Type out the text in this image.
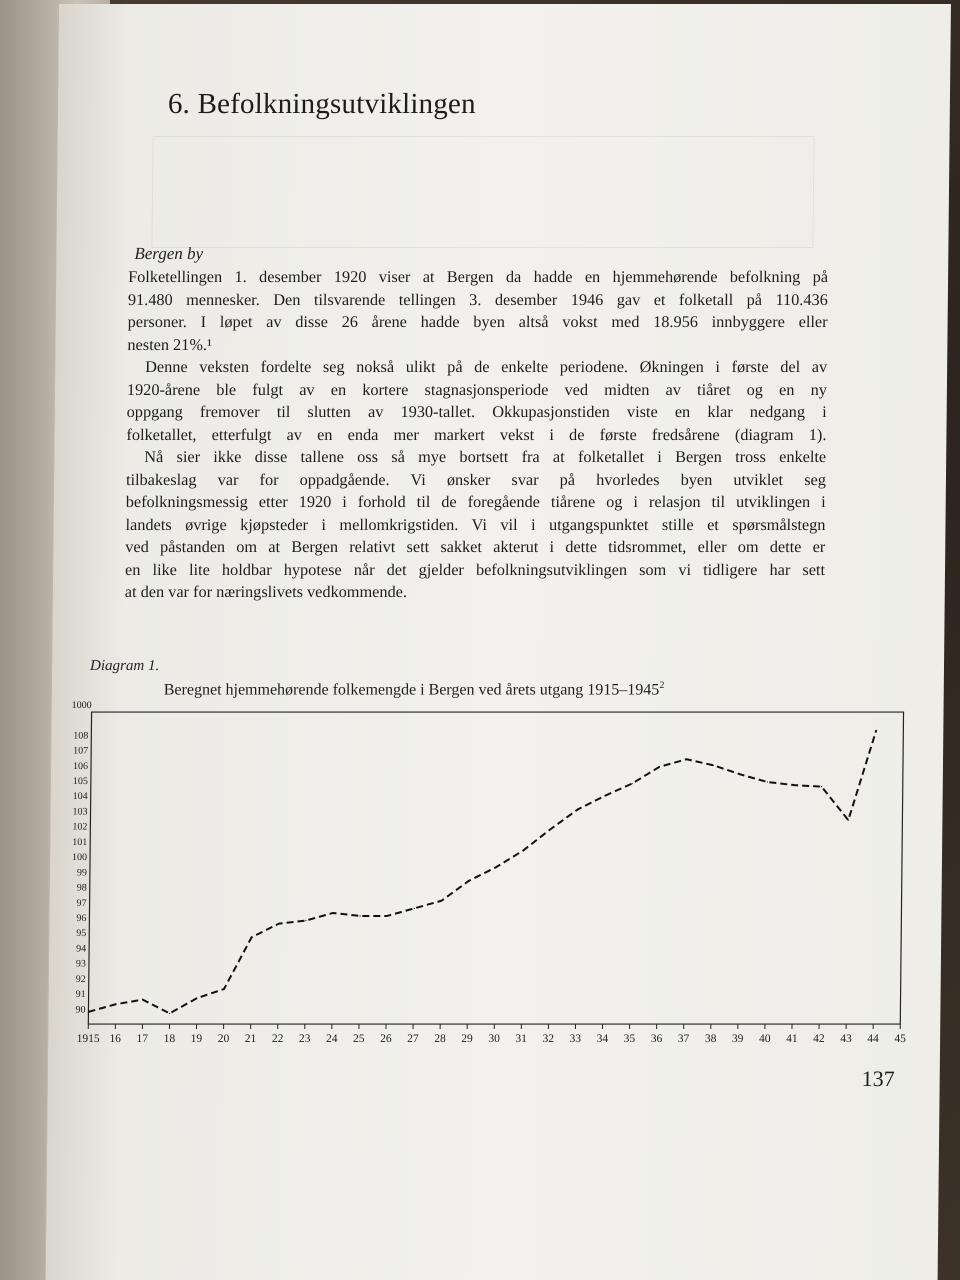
6. Befolkningsutviklingen
Bergen by
Folketellingen 1. desember 1920 viser at Bergen da hadde en hjemmehørende befolkning på
91.480 mennesker. Den tilsvarende tellingen 3. desember 1946 gav et folketall på 110.436
personer. I løpet av disse 26 årene hadde byen altså vokst med 18.956 innbyggere eller
nesten 21%.¹
Denne veksten fordelte seg nokså ulikt på de enkelte periodene. Økningen i første del av
1920-årene ble fulgt av en kortere stagnasjonsperiode ved midten av tiåret og en ny
oppgang fremover til slutten av 1930-tallet. Okkupasjonstiden viste en klar nedgang i
folketallet, etterfulgt av en enda mer markert vekst i de første fredsårene (diagram 1).
Nå sier ikke disse tallene oss så mye bortsett fra at folketallet i Bergen tross enkelte
tilbakeslag var for oppadgående. Vi ønsker svar på hvorledes byen utviklet seg
befolkningsmessig etter 1920 i forhold til de foregående tiårene og i relasjon til utviklingen i
landets øvrige kjøpsteder i mellomkrigstiden. Vi vil i utgangspunktet stille et spørsmålstegn
ved påstanden om at Bergen relativt sett sakket akterut i dette tidsrommet, eller om dette er
en like lite holdbar hypotese når det gjelder befolkningsutviklingen som vi tidligere har sett
at den var for næringslivets vedkommende.
Diagram 1.
Beregnet hjemmehørende folkemengde i Bergen ved årets utgang 1915–1945$^2$
1000
90
91
92
93
94
95
96
97
98
99
100
101
102
103
104
105
106
107
108
1915 16 17 18 19 20 21 22 23 24 25 26 27 28 29 30 31 32 33 34 35 36 37 38 39 40 41 42 43 44 45
137
